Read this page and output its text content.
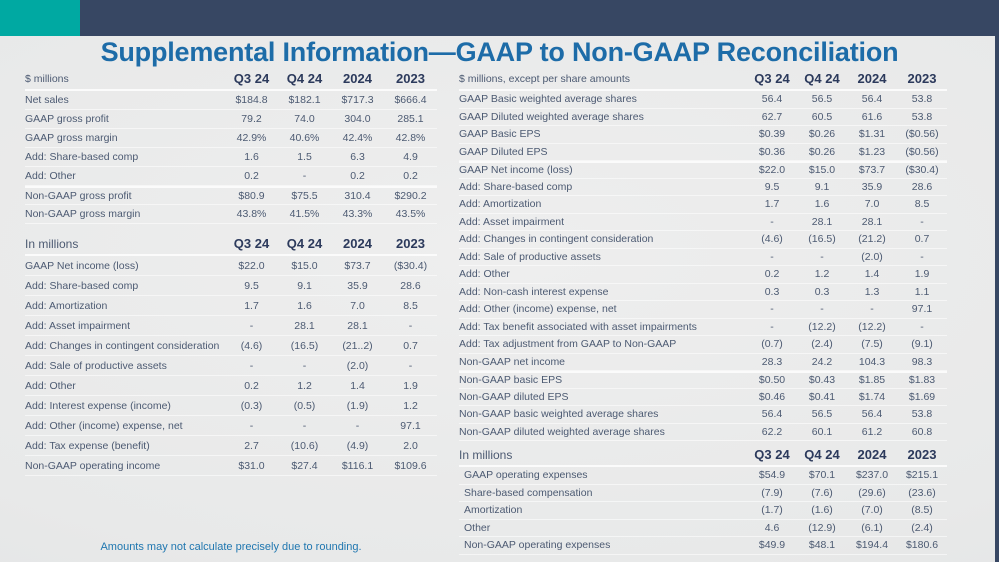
Supplemental Information—GAAP to Non-GAAP Reconciliation
$ millions	Q3 24	Q4 24	2024	2023
Net sales	$184.8	$182.1	$717.3	$666.4
GAAP gross profit	79.2	74.0	304.0	285.1
GAAP gross margin	42.9%	40.6%	42.4%	42.8%
Add: Share-based comp	1.6	1.5	6.3	4.9
Add: Other	0.2	-	0.2	0.2
Non-GAAP gross profit	$80.9	$75.5	310.4	$290.2
Non-GAAP gross margin	43.8%	41.5%	43.3%	43.5%
In millions	Q3 24	Q4 24	2024	2023
GAAP Net income (loss)	$22.0	$15.0	$73.7	($30.4)
Add: Share-based comp	9.5	9.1	35.9	28.6
Add: Amortization	1.7	1.6	7.0	8.5
Add: Asset impairment	-	28.1	28.1	-
Add: Changes in contingent consideration	(4.6)	(16.5)	(21..2)	0.7
Add: Sale of productive assets	-	-	(2.0)	-
Add: Other	0.2	1.2	1.4	1.9
Add: Interest expense (income)	(0.3)	(0.5)	(1.9)	1.2
Add: Other (income) expense, net	-	-	-	97.1
Add: Tax expense (benefit)	2.7	(10.6)	(4.9)	2.0
Non-GAAP operating income	$31.0	$27.4	$116.1	$109.6
$ millions, except per share amounts	Q3 24	Q4 24	2024	2023
GAAP Basic weighted average shares	56.4	56.5	56.4	53.8
GAAP Diluted weighted average shares	62.7	60.5	61.6	53.8
GAAP Basic EPS	$0.39	$0.26	$1.31	($0.56)
GAAP Diluted EPS	$0.36	$0.26	$1.23	($0.56)
GAAP Net income (loss)	$22.0	$15.0	$73.7	($30.4)
Add: Share-based comp	9.5	9.1	35.9	28.6
Add: Amortization	1.7	1.6	7.0	8.5
Add: Asset impairment	-	28.1	28.1	-
Add: Changes in contingent consideration	(4.6)	(16.5)	(21.2)	0.7
Add: Sale of productive assets	-	-	(2.0)	-
Add: Other	0.2	1.2	1.4	1.9
Add: Non-cash interest expense	0.3	0.3	1.3	1.1
Add: Other (income) expense, net	-	-	-	97.1
Add: Tax benefit associated with asset impairments	-	(12.2)	(12.2)	-
Add: Tax adjustment from GAAP to Non-GAAP	(0.7)	(2.4)	(7.5)	(9.1)
Non-GAAP net income	28.3	24.2	104.3	98.3
Non-GAAP basic EPS	$0.50	$0.43	$1.85	$1.83
Non-GAAP diluted EPS	$0.46	$0.41	$1.74	$1.69
Non-GAAP basic weighted average shares	56.4	56.5	56.4	53.8
Non-GAAP diluted weighted average shares	62.2	60.1	61.2	60.8
In millions	Q3 24	Q4 24	2024	2023
GAAP operating expenses	$54.9	$70.1	$237.0	$215.1
Share-based compensation	(7.9)	(7.6)	(29.6)	(23.6)
Amortization	(1.7)	(1.6)	(7.0)	(8.5)
Other	4.6	(12.9)	(6.1)	(2.4)
Non-GAAP operating expenses	$49.9	$48.1	$194.4	$180.6
Amounts may not calculate precisely due to rounding.
